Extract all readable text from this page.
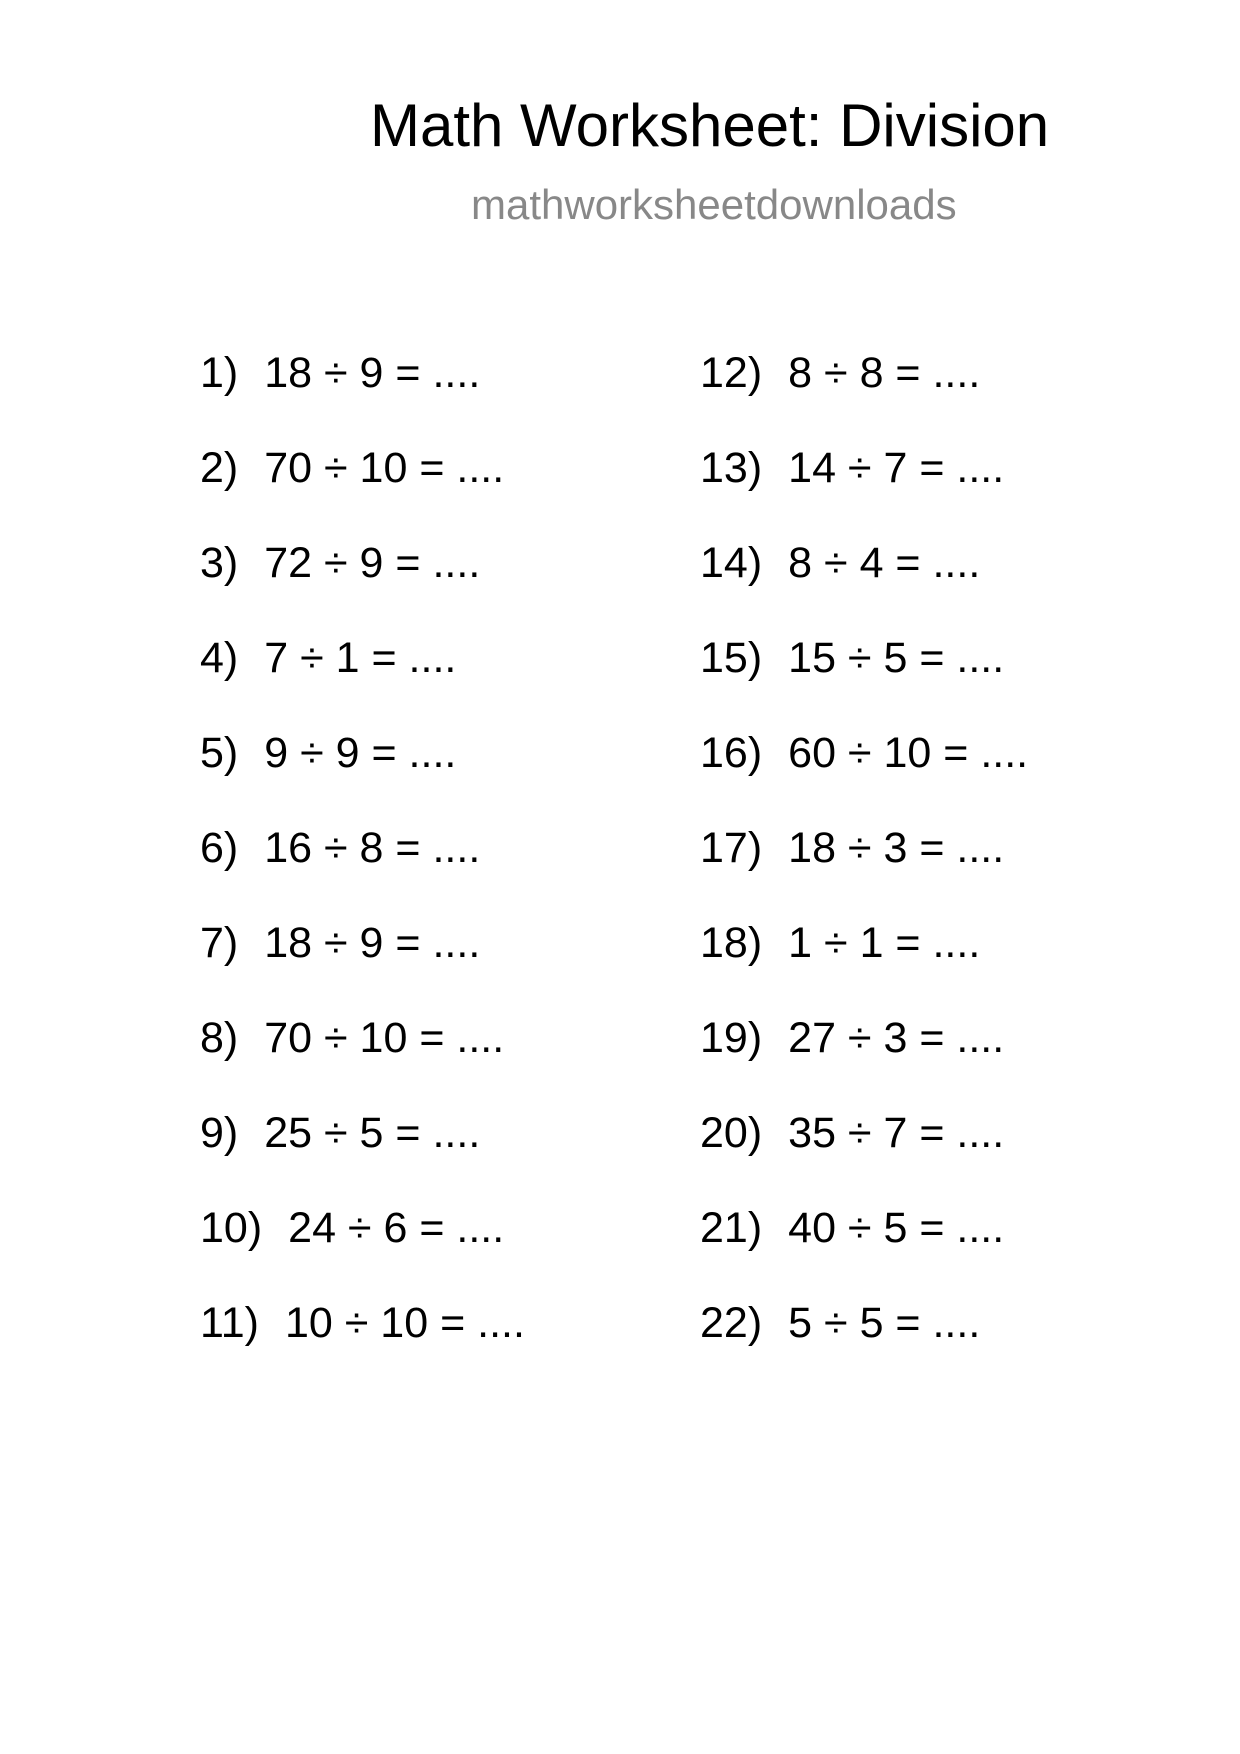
Math Worksheet: Division
mathworksheetdownloads
1) 18 ÷ 9 = ....
2) 70 ÷ 10 = ....
3) 72 ÷ 9 = ....
4) 7 ÷ 1 = ....
5) 9 ÷ 9 = ....
6) 16 ÷ 8 = ....
7) 18 ÷ 9 = ....
8) 70 ÷ 10 = ....
9) 25 ÷ 5 = ....
10) 24 ÷ 6 = ....
11) 10 ÷ 10 = ....
12) 8 ÷ 8 = ....
13) 14 ÷ 7 = ....
14) 8 ÷ 4 = ....
15) 15 ÷ 5 = ....
16) 60 ÷ 10 = ....
17) 18 ÷ 3 = ....
18) 1 ÷ 1 = ....
19) 27 ÷ 3 = ....
20) 35 ÷ 7 = ....
21) 40 ÷ 5 = ....
22) 5 ÷ 5 = ....
